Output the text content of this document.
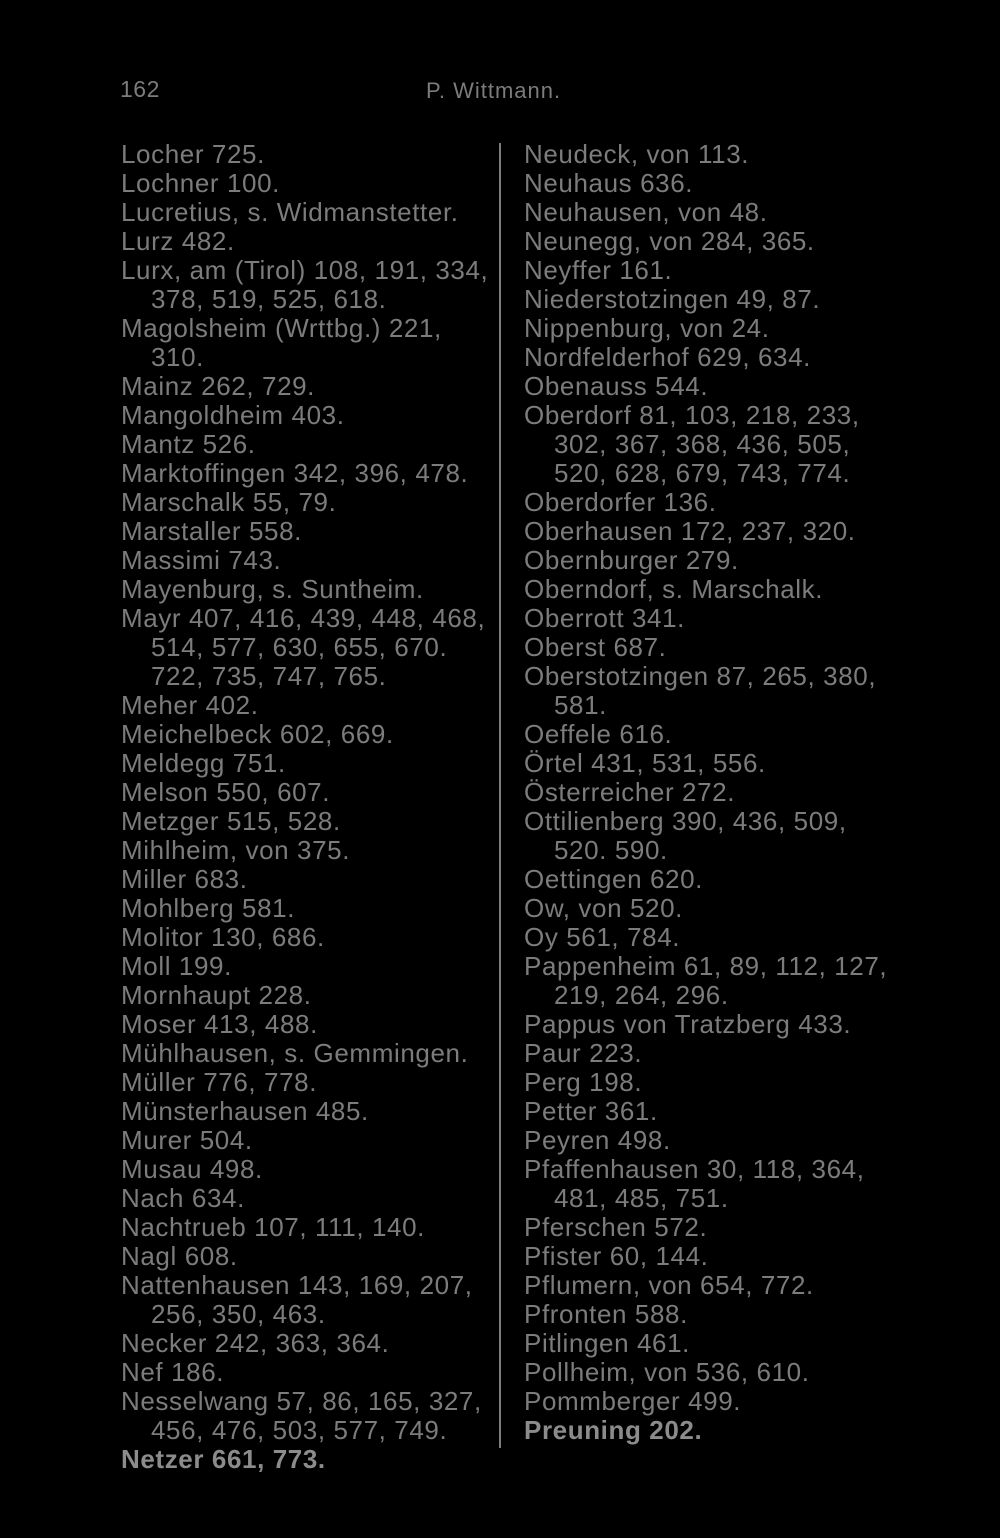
162	P. Wittmann.
Locher 725.
Lochner 100.
Lucretius, s. Widmanstetter.
Lurz 482.
Lurx, am (Tirol) 108, 191, 334, 378, 519, 525, 618.
Magolsheim (Wrttbg.) 221, 310.
Mainz 262, 729.
Mangoldheim 403.
Mantz 526.
Marktoffingen 342, 396, 478.
Marschalk 55, 79.
Marstaller 558.
Massimi 743.
Mayenburg, s. Suntheim.
Mayr 407, 416, 439, 448, 468, 514, 577, 630, 655, 670. 722, 735, 747, 765.
Meher 402.
Meichelbeck 602, 669.
Meldegg 751.
Melson 550, 607.
Metzger 515, 528.
Mihlheim, von 375.
Miller 683.
Mohlberg 581.
Molitor 130, 686.
Moll 199.
Mornhaupt 228.
Moser 413, 488.
Mühlhausen, s. Gemmingen.
Müller 776, 778.
Münsterhausen 485.
Murer 504.
Musau 498.
Nach 634.
Nachtrueb 107, 111, 140.
Nagl 608.
Nattenhausen 143, 169, 207, 256, 350, 463.
Necker 242, 363, 364.
Nef 186.
Nesselwang 57, 86, 165, 327, 456, 476, 503, 577, 749.
Netzer 661, 773.
Neudeck, von 113.
Neuhaus 636.
Neuhausen, von 48.
Neunegg, von 284, 365.
Neyffer 161.
Niederstotzingen 49, 87.
Nippenburg, von 24.
Nordfelderhof 629, 634.
Obenauss 544.
Oberdorf 81, 103, 218, 233, 302, 367, 368, 436, 505, 520, 628, 679, 743, 774.
Oberdorfer 136.
Oberhausen 172, 237, 320.
Obernburger 279.
Oberndorf, s. Marschalk.
Oberrott 341.
Oberst 687.
Oberstotzingen 87, 265, 380, 581.
Oeffele 616.
Örtel 431, 531, 556.
Österreicher 272.
Ottilienberg 390, 436, 509, 520. 590.
Oettingen 620.
Ow, von 520.
Oy 561, 784.
Pappenheim 61, 89, 112, 127, 219, 264, 296.
Pappus von Tratzberg 433.
Paur 223.
Perg 198.
Petter 361.
Peyren 498.
Pfaffenhausen 30, 118, 364, 481, 485, 751.
Pferschen 572.
Pfister 60, 144.
Pflumern, von 654, 772.
Pfronten 588.
Pitlingen 461.
Pollheim, von 536, 610.
Pommberger 499.
Preuning 202.
